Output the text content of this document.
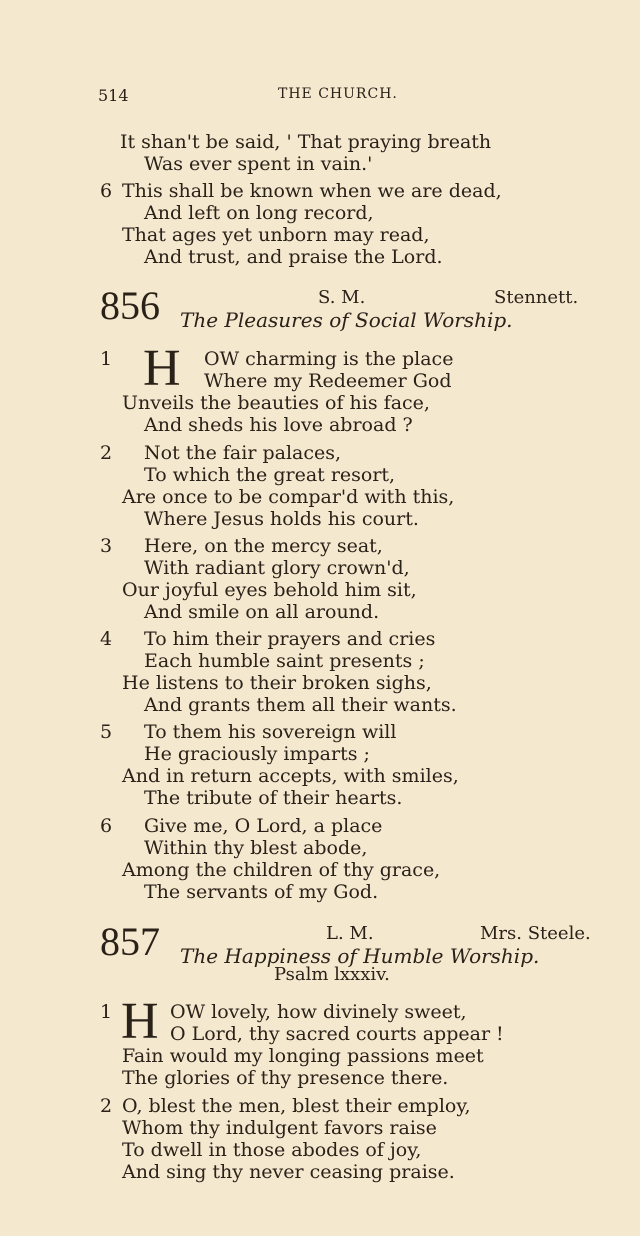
514	THE CHURCH.
It shan't be said, ' That praying breath
Was ever spent in vain.'
6 This shall be known when we are dead,
And left on long record,
That ages yet unborn may read,
And trust, and praise the Lord.
856	S. M.	Stennett.
The Pleasures of Social Worship.
1 H OW charming is the place
Where my Redeemer God
Unveils the beauties of his face,
And sheds his love abroad ?
2 Not the fair palaces,
To which the great resort,
Are once to be compar'd with this,
Where Jesus holds his court.
3 Here, on the mercy seat,
With radiant glory crown'd,
Our joyful eyes behold him sit,
And smile on all around.
4 To him their prayers and cries
Each humble saint presents ;
He listens to their broken sighs,
And grants them all their wants.
5 To them his sovereign will
He graciously imparts ;
And in return accepts, with smiles,
The tribute of their hearts.
6 Give me, O Lord, a place
Within thy blest abode,
Among the children of thy grace,
The servants of my God.
857	L. M.	Mrs. Steele.
The Happiness of Humble Worship.
Psalm lxxxiv.
1 H OW lovely, how divinely sweet,
O Lord, thy sacred courts appear !
Fain would my longing passions meet
The glories of thy presence there.
2 O, blest the men, blest their employ,
Whom thy indulgent favors raise
To dwell in those abodes of joy,
And sing thy never ceasing praise.
